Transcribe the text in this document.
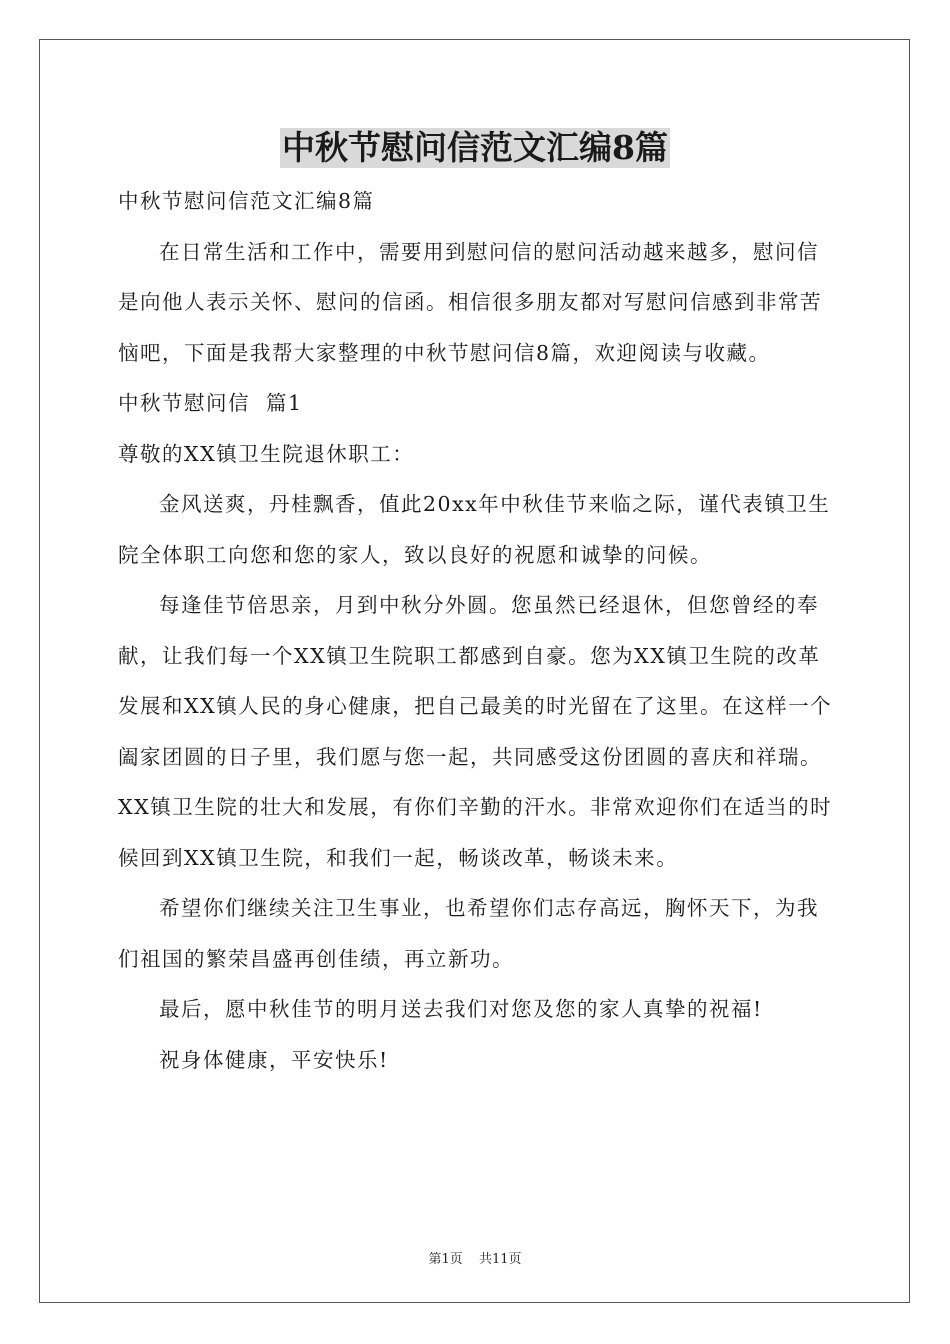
中秋节慰问信范文汇编8篇

中秋节慰问信范文汇编8篇

在日常生活和工作中，需要用到慰问信的慰问活动越来越多，慰问信是向他人表示关怀、慰问的信函。相信很多朋友都对写慰问信感到非常苦恼吧，下面是我帮大家整理的中秋节慰问信8篇，欢迎阅读与收藏。

中秋节慰问信  篇1

尊敬的XX镇卫生院退休职工：

金风送爽，丹桂飘香，值此20xx年中秋佳节来临之际，谨代表镇卫生院全体职工向您和您的家人，致以良好的祝愿和诚挚的问候。

每逢佳节倍思亲，月到中秋分外圆。您虽然已经退休，但您曾经的奉献，让我们每一个XX镇卫生院职工都感到自豪。您为XX镇卫生院的改革发展和XX镇人民的身心健康，把自己最美的时光留在了这里。在这样一个阖家团圆的日子里，我们愿与您一起，共同感受这份团圆的喜庆和祥瑞。XX镇卫生院的壮大和发展，有你们辛勤的汗水。非常欢迎你们在适当的时候回到XX镇卫生院，和我们一起，畅谈改革，畅谈未来。

希望你们继续关注卫生事业，也希望你们志存高远，胸怀天下，为我们祖国的繁荣昌盛再创佳绩，再立新功。

最后，愿中秋佳节的明月送去我们对您及您的家人真挚的祝福!

祝身体健康，平安快乐!

第1页 共11页
